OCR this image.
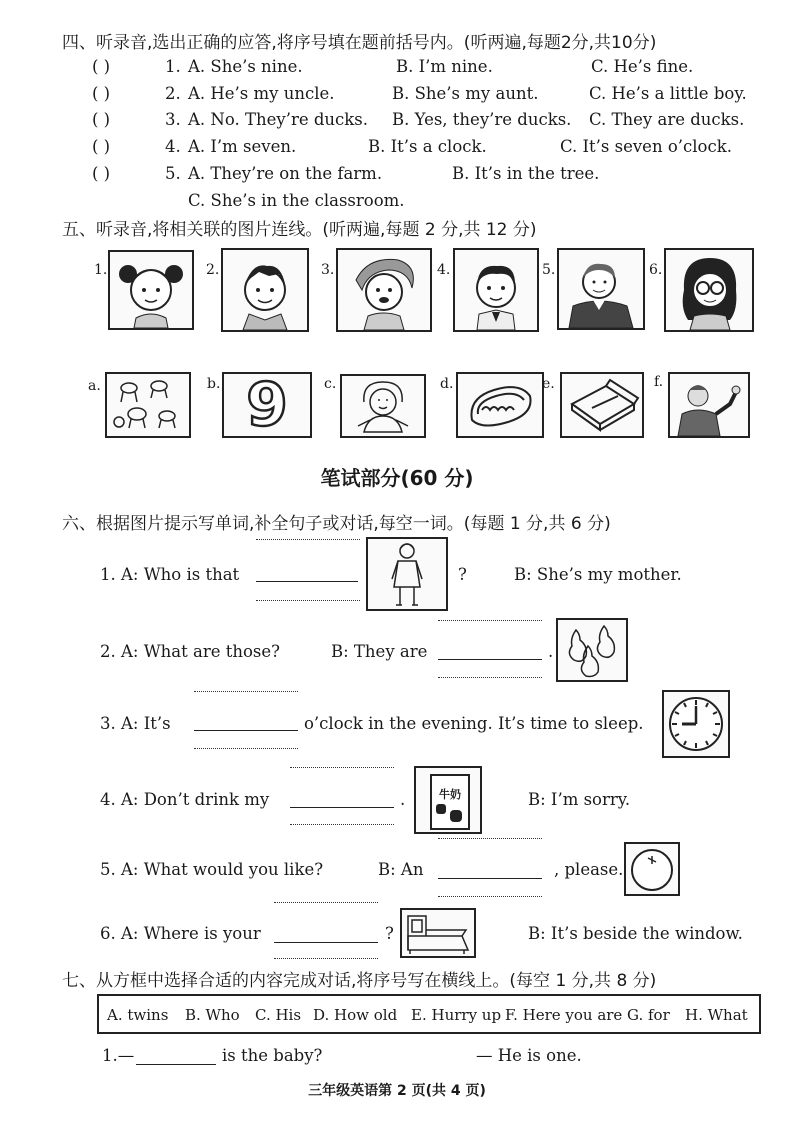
四、听录音,选出正确的应答,将序号填在题前括号内。(听两遍,每题2分,共10分)
( )	1. A. She’s nine.	B. I’m nine.	C. He’s fine.
( )	2. A. He’s my uncle.	B. She’s my aunt.	C. He’s a little boy.
( )	3. A. No. They’re ducks. B. Yes, they’re ducks. C. They are ducks.
( )	4. A. I’m seven.	B. It’s a clock.	C. It’s seven o’clock.
( )	5. A. They’re on the farm.	B. It’s in the tree.
C. She’s in the classroom.
五、听录音,将相关联的图片连线。(听两遍,每题 2 分,共 12 分)
1.	2.	3.	4.	5.	6.
a.	b. 9	c.	d.	e.	f.
笔试部分(60 分)
六、根据图片提示写单词,补全句子或对话,每空一词。(每题 1 分,共 6 分)
1. A: Who is that	?	B: She’s my mother.
2. A: What are those?	B: They are	.
3. A: It’s	o’clock in the evening. It’s time to sleep.
4. A: Don’t drink my	.	牛奶	B: I’m sorry.
5. A: What would you like?	B: An	, please.
6. A: Where is your	?	B: It’s beside the window.
七、从方框中选择合适的内容完成对话,将序号写在横线上。(每空 1 分,共 8 分)
A. twins B. Who C. His D. How old E. Hurry up F. Here you are G. for H. What
1.—	is the baby?	— He is one.
三年级英语第 2 页(共 4 页)
